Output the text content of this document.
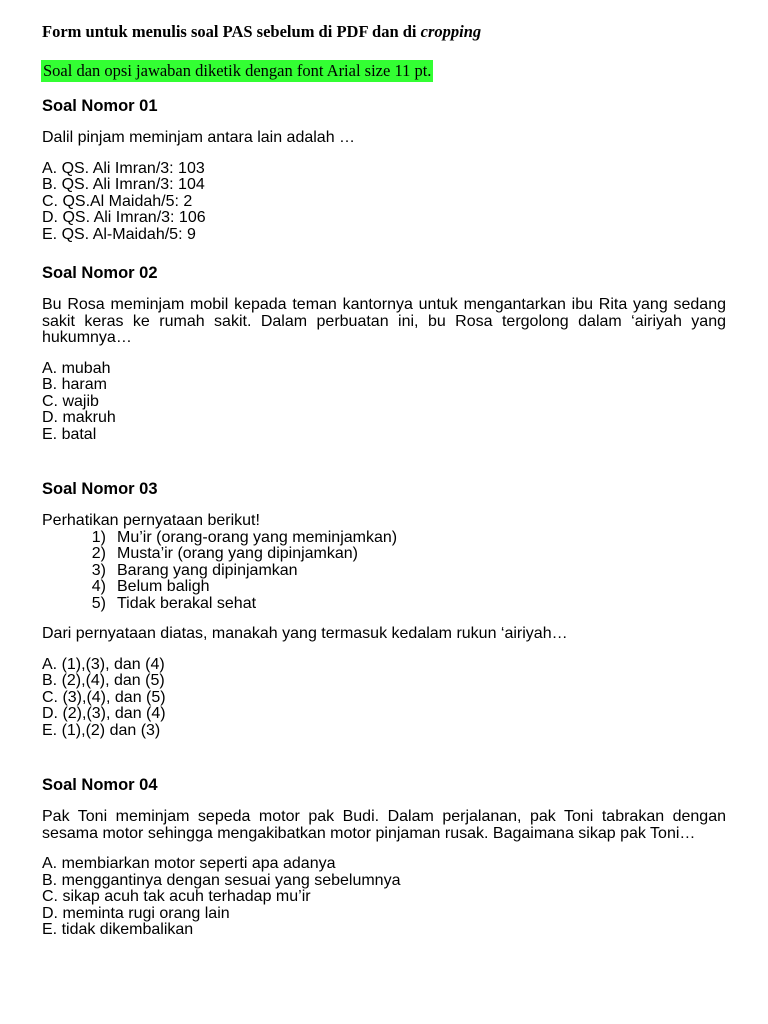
Form untuk menulis soal PAS sebelum di PDF dan di cropping
Soal dan opsi jawaban diketik dengan font Arial size 11 pt.
Soal Nomor 01

Dalil pinjam meminjam antara lain adalah …

A. QS. Ali Imran/3: 103
B. QS. Ali Imran/3: 104
C. QS.Al Maidah/5: 2
D. QS. Ali Imran/3: 106
E. QS. Al-Maidah/5: 9
Soal Nomor 02

Bu Rosa meminjam mobil kepada teman kantornya untuk mengantarkan ibu Rita yang sedang sakit keras ke rumah sakit. Dalam perbuatan ini, bu Rosa tergolong dalam ‘airiyah yang hukumnya…

A. mubah
B. haram
C. wajib
D. makruh
E. batal
Soal Nomor 03

Perhatikan pernyataan berikut!

1) Mu’ir (orang-orang yang meminjamkan)
2) Musta’ir (orang yang dipinjamkan)
3) Barang yang dipinjamkan
4) Belum baligh
5) Tidak berakal sehat

Dari pernyataan diatas, manakah yang termasuk kedalam rukun ‘airiyah…

A. (1),(3), dan (4)
B. (2),(4), dan (5)
C. (3),(4), dan (5)
D. (2),(3), dan (4)
E. (1),(2) dan (3)
Soal Nomor 04

Pak Toni meminjam sepeda motor pak Budi. Dalam perjalanan, pak Toni tabrakan dengan sesama motor sehingga mengakibatkan motor pinjaman rusak. Bagaimana sikap pak Toni…

A. membiarkan motor seperti apa adanya
B. menggantinya dengan sesuai yang sebelumnya
C. sikap acuh tak acuh terhadap mu’ir
D. meminta rugi orang lain
E. tidak dikembalikan
